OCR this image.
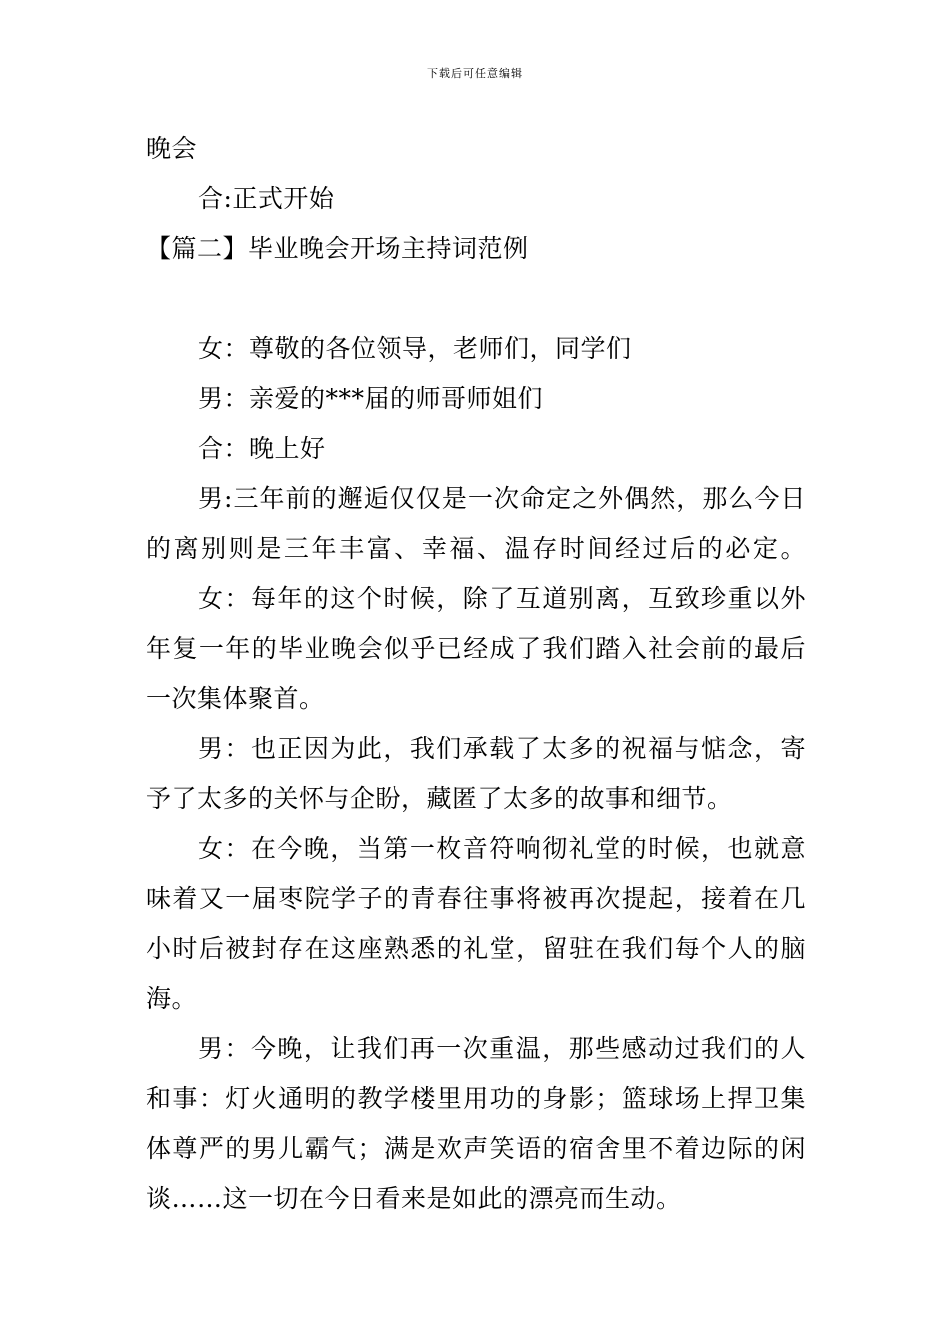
下载后可任意编辑
晚会
合:正式开始
【篇二】毕业晚会开场主持词范例
女：尊敬的各位领导，老师们，同学们
男：亲爱的***届的师哥师姐们
合：晚上好
男:三年前的邂逅仅仅是一次命定之外偶然，那么今日
的离别则是三年丰富、幸福、温存时间经过后的必定。
女：每年的这个时候，除了互道别离，互致珍重以外
年复一年的毕业晚会似乎已经成了我们踏入社会前的最后
一次集体聚首。
男：也正因为此，我们承载了太多的祝福与惦念，寄
予了太多的关怀与企盼，藏匿了太多的故事和细节。
女：在今晚，当第一枚音符响彻礼堂的时候，也就意
味着又一届枣院学子的青春往事将被再次提起，接着在几
小时后被封存在这座熟悉的礼堂，留驻在我们每个人的脑
海。
男：今晚，让我们再一次重温，那些感动过我们的人
和事：灯火通明的教学楼里用功的身影；篮球场上捍卫集
体尊严的男儿霸气；满是欢声笑语的宿舍里不着边际的闲
谈……这一切在今日看来是如此的漂亮而生动。
